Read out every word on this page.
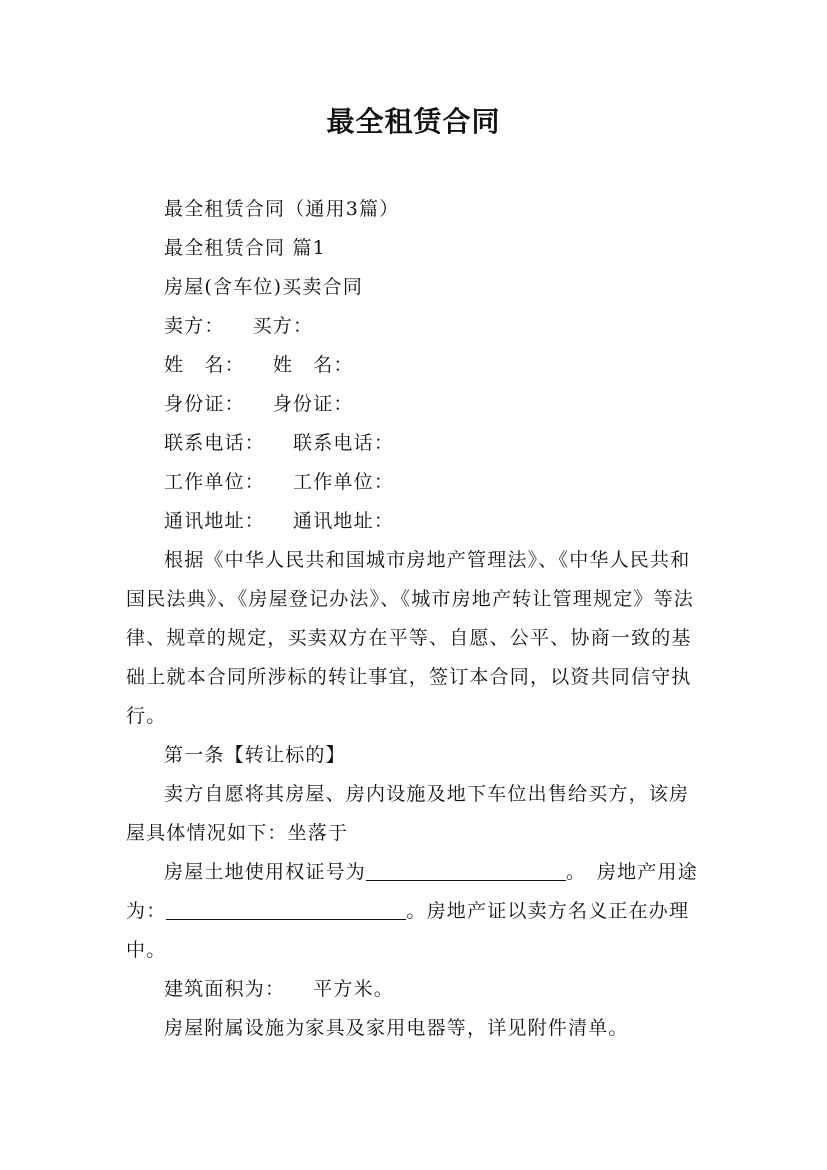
最全租赁合同

最全租赁合同（通用3篇）

最全租赁合同 篇1

房屋(含车位)买卖合同

卖方： 买方：

姓　名： 姓　名：

身份证： 身份证：

联系电话： 联系电话：

工作单位： 工作单位：

通讯地址： 通讯地址：

根据《中华人民共和国城市房地产管理法》、《中华人民共和国民法典》、《房屋登记办法》、《城市房地产转让管理规定》等法律、规章的规定，买卖双方在平等、自愿、公平、协商一致的基础上就本合同所涉标的转让事宜，签订本合同，以资共同信守执行。

第一条【转让标的】

卖方自愿将其房屋、房内设施及地下车位出售给买方，该房屋具体情况如下：坐落于

房屋土地使用权证号为	。　房地产用途为：	。房地产证以卖方名义正在办理中。

建筑面积为： 平方米。

房屋附属设施为家具及家用电器等，详见附件清单。
